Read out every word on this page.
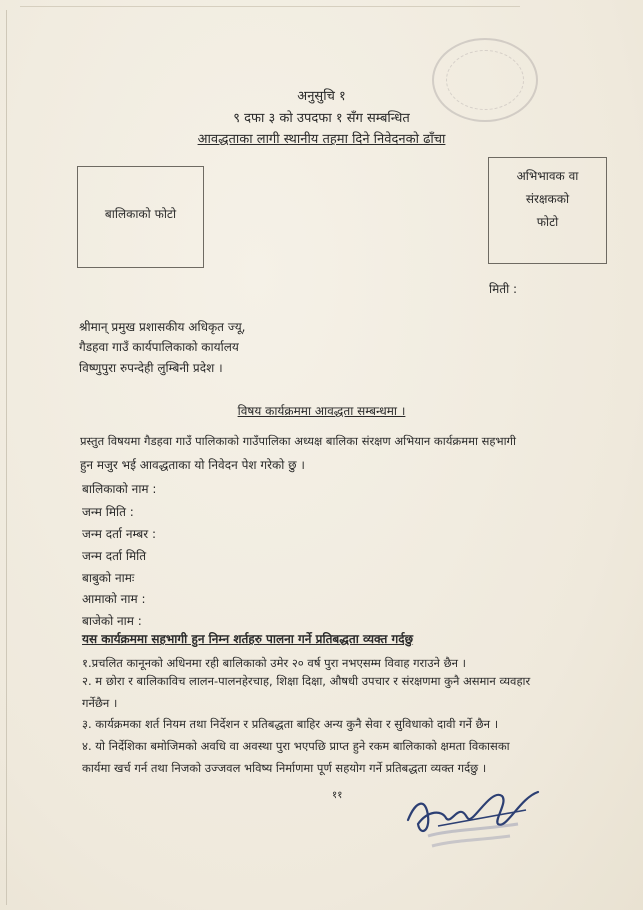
अनुसुचि १
९ दफा ३ को उपदफा १ सँग सम्बन्धित
आवद्धताका लागी स्थानीय तहमा दिने निवेदनको ढाँचा
बालिकाको फोटो
अभिभावक वा
संरक्षकको
फोटो
मिती :
श्रीमान् प्रमुख प्रशासकीय अधिकृत ज्यू,
गैडहवा गाउँ कार्यपालिकाको कार्यालय
विष्णुपुरा रुपन्देही लुम्बिनी प्रदेश ।
विषय कार्यक्रममा आवद्धता सम्बन्धमा ।
प्रस्तुत विषयमा गैडहवा गाउँ पालिकाको गाउँपालिका अध्यक्ष बालिका संरक्षण अभियान कार्यक्रममा सहभागी
हुन मजुर भई आवद्धताका यो निवेदन पेश गरेको छु ।
बालिकाको नाम :
जन्म मिति :
जन्म दर्ता नम्बर :
जन्म दर्ता मिति
बाबुको नामः
आमाको नाम :
बाजेको नाम :
यस कार्यक्रममा सहभागी हुन निम्न शर्तहरु पालना गर्ने प्रतिबद्धता व्यक्त गर्दछु
१.प्रचलित कानूनको अधिनमा रही बालिकाको उमेर २० वर्ष पुरा नभएसम्म विवाह गराउने छैन ।
२. म छोरा र बालिकाविच लालन-पालनहेरचाह, शिक्षा दिक्षा, औषधी उपचार र संरक्षणमा कुनै असमान व्यवहार
गर्नेछैन ।
३. कार्यक्रमका शर्त नियम तथा निर्देशन र प्रतिबद्धता बाहिर अन्य कुनै सेवा र सुविधाको दावी गर्ने छैन ।
४. यो निर्देशिका बमोजिमको अवधि वा अवस्था पुरा भएपछि प्राप्त हुने रकम बालिकाको क्षमता विकासका
कार्यमा खर्च गर्न तथा निजको उज्जवल भविष्य निर्माणमा पूर्ण सहयोग गर्ने प्रतिबद्धता व्यक्त गर्दछु ।
११
